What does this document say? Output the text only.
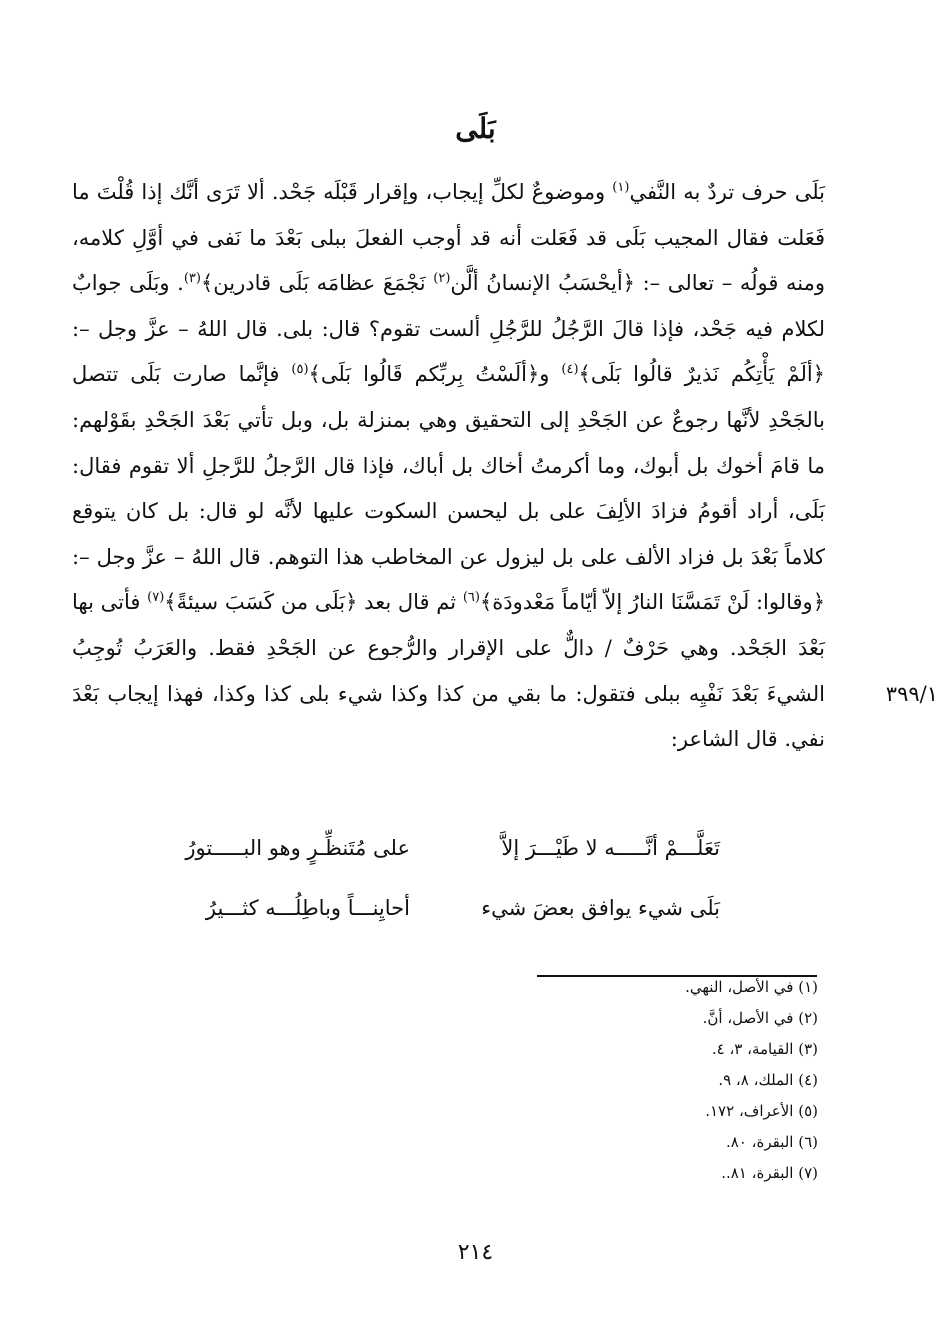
بَلَى

بَلَى حرف تردٌ به النَّفي$^{(١)}$ وموضوعٌ لكلِّ إيجاب، وإقرار قَبْلَه جَحْد. ألا تَرَى أنَّك إذا قُلْتَ ما فَعَلت فقال المجيب بَلَى قد فَعَلت أنه قد أوجب الفعلَ ببلى بَعْدَ ما نَفى في أوَّلِ كلامه، ومنه قولُه – تعالى –: ﴿أيحْسَبُ الإنسانُ ألَّن$^{(٢)}$ نَجْمَعَ عظامَه بَلَى قادرين﴾$^{(٣)}$. وبَلَى جوابٌ لكلام فيه جَحْد، فإذا قالَ الرَّجُلُ للرَّجُلِ ألست تقوم؟ قال: بلى. قال اللهُ – عزَّ وجل –: ﴿ألَمْ يَأْتِكُم نَذيرٌ قالُوا بَلَى﴾$^{(٤)}$ و﴿ألَسْتُ بِربِّكم قَالُوا بَلَى﴾$^{(٥)}$ فإنَّما صارت بَلَى تتصل بالجَحْدِ لأنَّها رجوعٌ عن الجَحْدِ إلى التحقيق وهي بمنزلة بل، وبل تأتي بَعْدَ الجَحْدِ بقَوْلهم: ما قامَ أخوك بل أبوك، وما أكرمتُ أخاك بل أباك، فإذا قال الرَّجلُ للرَّجلِ ألا تقوم فقال: بَلَى، أراد أقومُ فزادَ الألِفَ على بل ليحسن السكوت عليها لأنَّه لو قال: بل كان يتوقع كلاماً بَعْدَ بل فزاد الألف على بل ليزول عن المخاطب هذا التوهم. قال اللهُ – عزَّ وجل –: ﴿وقالوا: لَنْ تَمَسَّنَا النارُ إلاّ أيّاماً مَعْدودَة﴾$^{(٦)}$ ثم قال بعد ﴿بَلَى من كَسَبَ سيئةً﴾$^{(٧)}$ فأتى بها بَعْدَ الجَحْد. وهي حَرْفٌ / دالٌّ على الإقرار والرُّجوع عن الجَحْدِ فقط. والعَرَبُ تُوجِبُ الشيءَ بَعْدَ نَفْيِه ببلى فتقول: ما بقي من كذا وكذا شيء بلى كذا وكذا، فهذا إيجاب بَعْدَ نفي. قال الشاعر:

٣٩٩/١
تَعَلَّـــمْ أنَّـــــه لا طَيْـــرَ إلاَّ
على مُتَنظِّـرٍ وهو البـــــتورُ
بَلَى شيء يوافق بعضَ شيء
أحايِنـــاً وباطِلُـــه كثـــيرُ
(١) في الأصل، النهي.
(٢) في الأصل، أنَّ.
(٣) القيامة، ٣، ٤.
(٤) الملك، ٨، ٩.
(٥) الأعراف، ١٧٢.
(٦) البقرة، ٨٠.
(٧) البقرة، ٨١..
٢١٤
